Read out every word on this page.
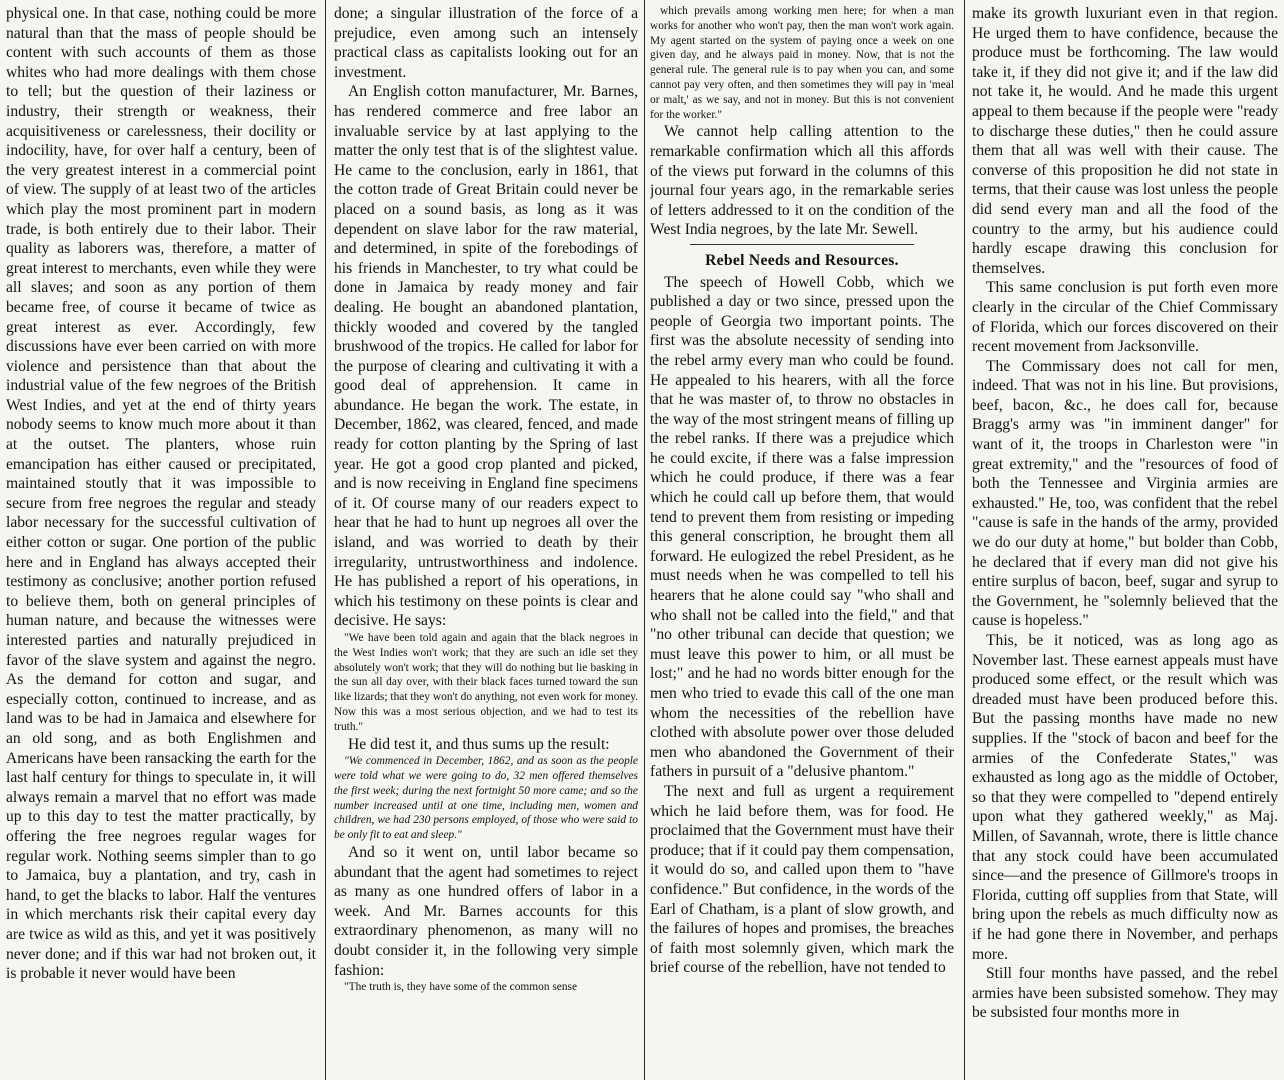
physical one. In that case, nothing could be more natural than that the mass of people should be content with such accounts of them as those whites who had more dealings with them chose to tell; but the question of their laziness or industry, their strength or weakness, their acquisitiveness or carelessness, their docility or indocility, have, for over half a century, been of the very greatest interest in a commercial point of view. The supply of at least two of the articles which play the most prominent part in modern trade, is both entirely due to their labor. Their quality as laborers was, therefore, a matter of great interest to merchants, even while they were all slaves; and soon as any portion of them became free, of course it became of twice as great interest as ever. Accordingly, few discussions have ever been carried on with more violence and persistence than that about the industrial value of the few negroes of the British West Indies, and yet at the end of thirty years nobody seems to know much more about it than at the outset. The planters, whose ruin emancipation has either caused or precipitated, maintained stoutly that it was impossible to secure from free negroes the regular and steady labor necessary for the successful cultivation of either cotton or sugar. One portion of the public here and in England has always accepted their testimony as conclusive; another portion refused to believe them, both on general principles of human nature, and because the witnesses were interested parties and naturally prejudiced in favor of the slave system and against the negro. As the demand for cotton and sugar, and especially cotton, continued to increase, and as land was to be had in Jamaica and elsewhere for an old song, and as both Englishmen and Americans have been ransacking the earth for the last half century for things to speculate in, it will always remain a marvel that no effort was made up to this day to test the matter practically, by offering the free negroes regular wages for regular work. Nothing seems simpler than to go to Jamaica, buy a plantation, and try, cash in hand, to get the blacks to labor. Half the ventures in which merchants risk their capital every day are twice as wild as this, and yet it was positively never done; and if this war had not broken out, it is probable it never would have been

done; a singular illustration of the force of a prejudice, even among such an intensely practical class as capitalists looking out for an investment.

An English cotton manufacturer, Mr. Barnes, has rendered commerce and free labor an invaluable service by at last applying to the matter the only test that is of the slightest value. He came to the conclusion, early in 1861, that the cotton trade of Great Britain could never be placed on a sound basis, as long as it was dependent on slave labor for the raw material, and determined, in spite of the forebodings of his friends in Manchester, to try what could be done in Jamaica by ready money and fair dealing. He bought an abandoned plantation, thickly wooded and covered by the tangled brushwood of the tropics. He called for labor for the purpose of clearing and cultivating it with a good deal of apprehension. It came in abundance. He began the work. The estate, in December, 1862, was cleared, fenced, and made ready for cotton planting by the Spring of last year. He got a good crop planted and picked, and is now receiving in England fine specimens of it. Of course many of our readers expect to hear that he had to hunt up negroes all over the island, and was worried to death by their irregularity, untrustworthiness and indolence. He has published a report of his operations, in which his testimony on these points is clear and decisive. He says:

"We have been told again and again that the black negroes in the West Indies won't work; that they are such an idle set they absolutely won't work; that they will do nothing but lie basking in the sun all day over, with their black faces turned toward the sun like lizards; that they won't do anything, not even work for money. Now this was a most serious objection, and we had to test its truth."

He did test it, and thus sums up the result:

"We commenced in December, 1862, and as soon as the people were told what we were going to do, 32 men offered themselves the first week; during the next fortnight 50 more came; and so the number increased until at one time, including men, women and children, we had 230 persons employed, of those who were said to be only fit to eat and sleep."

And so it went on, until labor became so abundant that the agent had sometimes to reject as many as one hundred offers of labor in a week. And Mr. Barnes accounts for this extraordinary phenomenon, as many will no doubt consider it, in the following very simple fashion:

"The truth is, they have some of the common sense

which prevails among working men here; for when a man works for another who won't pay, then the man won't work again. My agent started on the system of paying once a week on one given day, and he always paid in money. Now, that is not the general rule. The general rule is to pay when you can, and some cannot pay very often, and then sometimes they will pay in 'meal or malt,' as we say, and not in money. But this is not convenient for the worker."

We cannot help calling attention to the remarkable confirmation which all this affords of the views put forward in the columns of this journal four years ago, in the remarkable series of letters addressed to it on the condition of the West India negroes, by the late Mr. Sewell.

Rebel Needs and Resources.

The speech of Howell Cobb, which we published a day or two since, pressed upon the people of Georgia two important points. The first was the absolute necessity of sending into the rebel army every man who could be found. He appealed to his hearers, with all the force that he was master of, to throw no obstacles in the way of the most stringent means of filling up the rebel ranks. If there was a prejudice which he could excite, if there was a false impression which he could produce, if there was a fear which he could call up before them, that would tend to prevent them from resisting or impeding this general conscription, he brought them all forward. He eulogized the rebel President, as he must needs when he was compelled to tell his hearers that he alone could say "who shall and who shall not be called into the field," and that "no other tribunal can decide that question; we must leave this power to him, or all must be lost;" and he had no words bitter enough for the men who tried to evade this call of the one man whom the necessities of the rebellion have clothed with absolute power over those deluded men who abandoned the Government of their fathers in pursuit of a "delusive phantom."

The next and full as urgent a requirement which he laid before them, was for food. He proclaimed that the Government must have their produce; that if it could pay them compensation, it would do so, and called upon them to "have confidence." But confidence, in the words of the Earl of Chatham, is a plant of slow growth, and the failures of hopes and promises, the breaches of faith most solemnly given, which mark the brief course of the rebellion, have not tended to

make its growth luxuriant even in that region. He urged them to have confidence, because the produce must be forthcoming. The law would take it, if they did not give it; and if the law did not take it, he would. And he made this urgent appeal to them because if the people were "ready to discharge these duties," then he could assure them that all was well with their cause. The converse of this proposition he did not state in terms, that their cause was lost unless the people did send every man and all the food of the country to the army, but his audience could hardly escape drawing this conclusion for themselves.

This same conclusion is put forth even more clearly in the circular of the Chief Commissary of Florida, which our forces discovered on their recent movement from Jacksonville.

The Commissary does not call for men, indeed. That was not in his line. But provisions, beef, bacon, &c., he does call for, because Bragg's army was "in imminent danger" for want of it, the troops in Charleston were "in great extremity," and the "resources of food of both the Tennessee and Virginia armies are exhausted." He, too, was confident that the rebel "cause is safe in the hands of the army, provided we do our duty at home," but bolder than Cobb, he declared that if every man did not give his entire surplus of bacon, beef, sugar and syrup to the Government, he "solemnly believed that the cause is hopeless."

This, be it noticed, was as long ago as November last. These earnest appeals must have produced some effect, or the result which was dreaded must have been produced before this. But the passing months have made no new supplies. If the "stock of bacon and beef for the armies of the Confederate States," was exhausted as long ago as the middle of October, so that they were compelled to "depend entirely upon what they gathered weekly," as Maj. Millen, of Savannah, wrote, there is little chance that any stock could have been accumulated since—and the presence of Gillmore's troops in Florida, cutting off supplies from that State, will bring upon the rebels as much difficulty now as if he had gone there in November, and perhaps more.

Still four months have passed, and the rebel armies have been subsisted somehow. They may be subsisted four months more in
